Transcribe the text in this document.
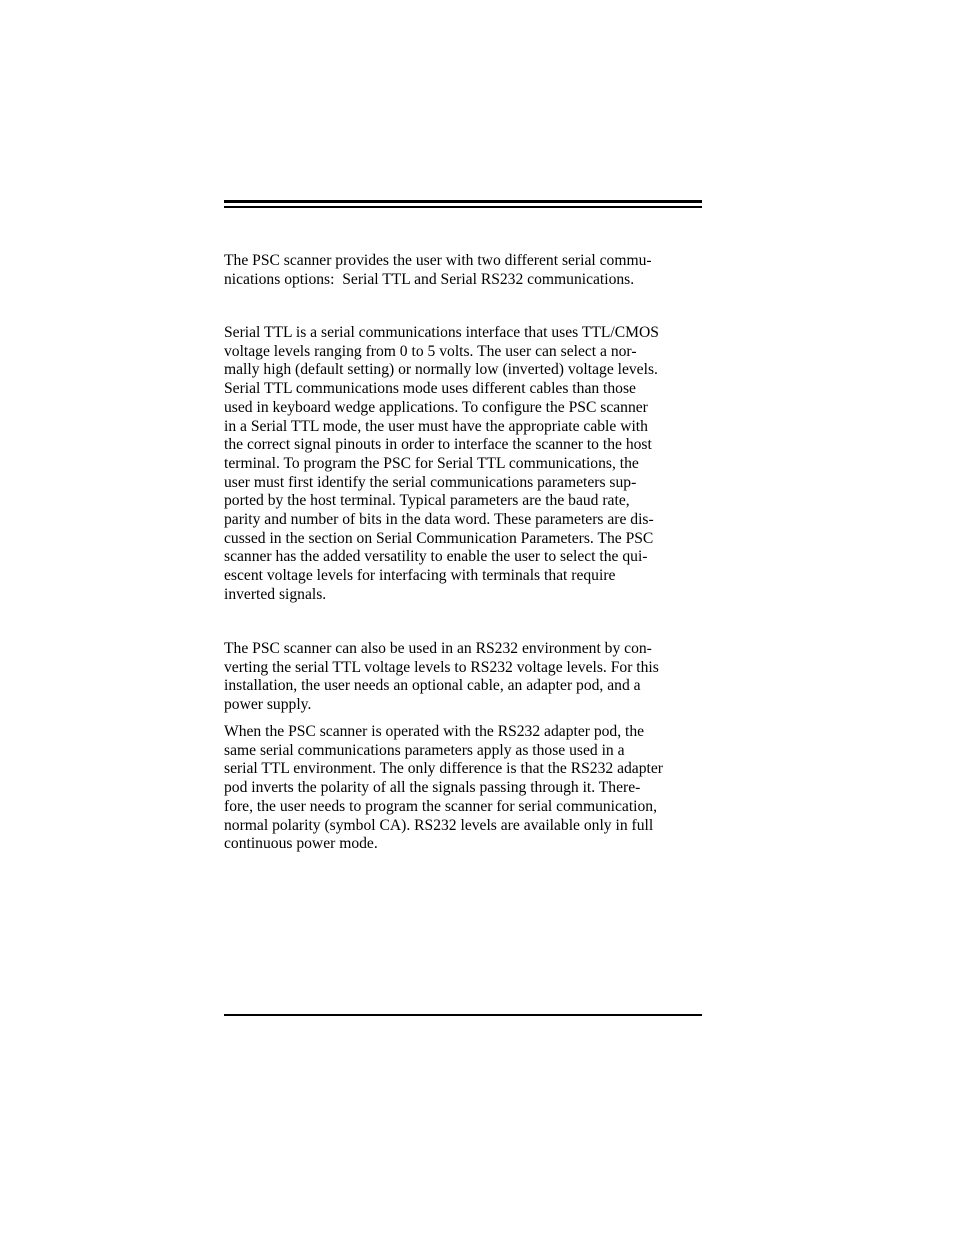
The PSC scanner provides the user with two different serial commu-
nications options:  Serial TTL and Serial RS232 communications.
Serial TTL is a serial communications interface that uses TTL/CMOS
voltage levels ranging from 0 to 5 volts. The user can select a nor-
mally high (default setting) or normally low (inverted) voltage levels.
Serial TTL communications mode uses different cables than those
used in keyboard wedge applications. To configure the PSC scanner
in a Serial TTL mode, the user must have the appropriate cable with
the correct signal pinouts in order to interface the scanner to the host
terminal. To program the PSC for Serial TTL communications, the
user must first identify the serial communications parameters sup-
ported by the host terminal. Typical parameters are the baud rate,
parity and number of bits in the data word. These parameters are dis-
cussed in the section on Serial Communication Parameters. The PSC
scanner has the added versatility to enable the user to select the qui-
escent voltage levels for interfacing with terminals that require
inverted signals.
The PSC scanner can also be used in an RS232 environment by con-
verting the serial TTL voltage levels to RS232 voltage levels. For this
installation, the user needs an optional cable, an adapter pod, and a
power supply.
When the PSC scanner is operated with the RS232 adapter pod, the
same serial communications parameters apply as those used in a
serial TTL environment. The only difference is that the RS232 adapter
pod inverts the polarity of all the signals passing through it. There-
fore, the user needs to program the scanner for serial communication,
normal polarity (symbol CA). RS232 levels are available only in full
continuous power mode.
